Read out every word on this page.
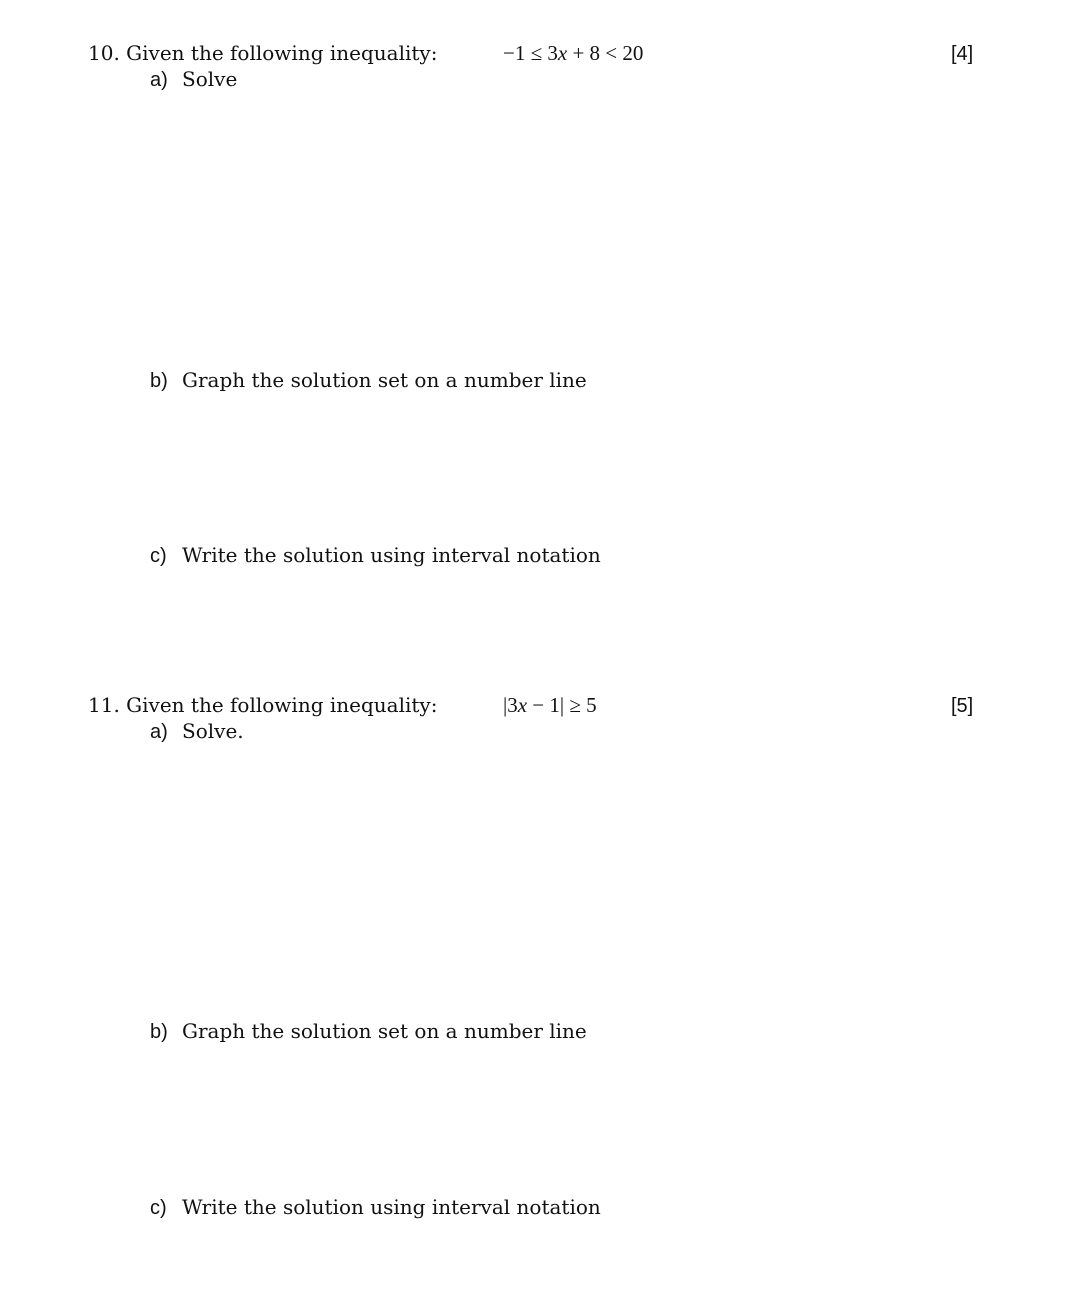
10. Given the following inequality:	−1 ≤ 3x + 8 < 20	[4]
a) Solve
b) Graph the solution set on a number line
c) Write the solution using interval notation
11. Given the following inequality:	|3x − 1| ≥ 5	[5]
a) Solve.
b) Graph the solution set on a number line
c) Write the solution using interval notation
